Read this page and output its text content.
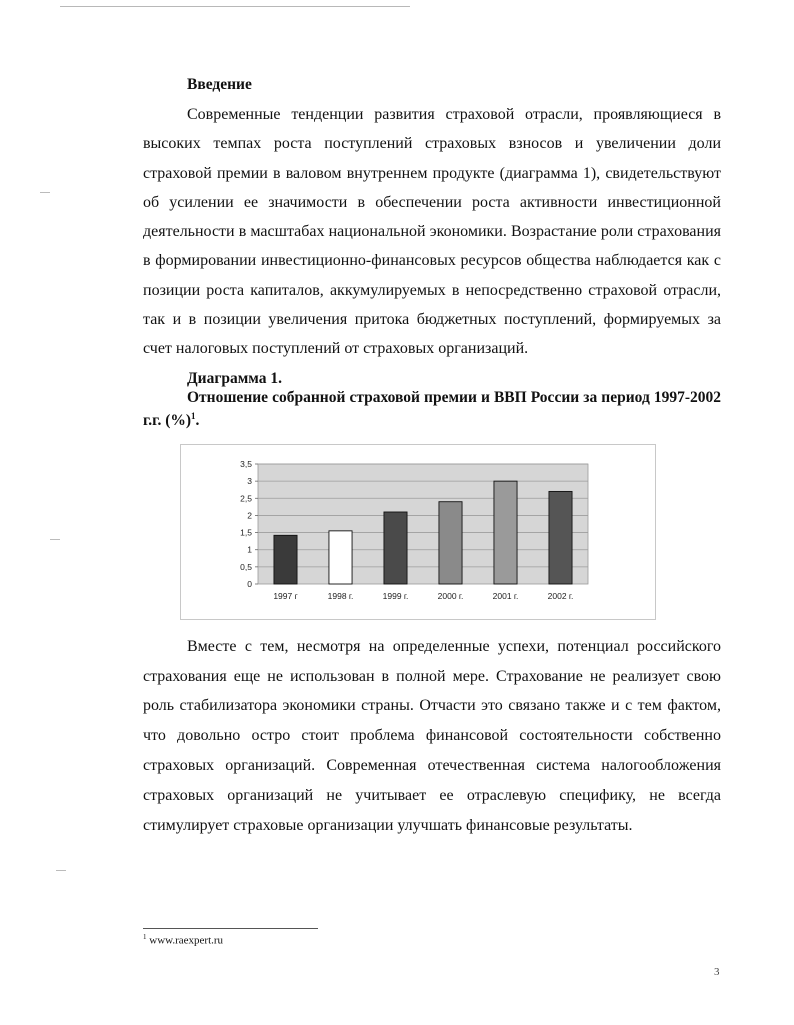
Введение

Современные тенденции развития страховой отрасли, проявляющиеся в высоких темпах роста поступлений страховых взносов и увеличении доли страховой премии в валовом внутреннем продукте (диаграмма 1), свидетельствуют об усилении ее значимости в обеспечении роста активности инвестиционной деятельности в масштабах национальной экономики. Возрастание роли страхования в формировании инвестиционно-финансовых ресурсов общества наблюдается как с позиции роста капиталов, аккумулируемых в непосредственно страховой отрасли, так и в позиции увеличения притока бюджетных поступлений, формируемых за счет налоговых поступлений от страховых организаций.

Диаграмма 1.
Отношение собранной страховой премии и ВВП России за период 1997-2002 г.г. (%)$^1$.
0
0,5
1
1,5
2
2,5
3
3,5
1997 г	1998 г.	1999 г.	2000 г.	2001 г.	2002 г.

Вместе с тем, несмотря на определенные успехи, потенциал российского страхования еще не использован в полной мере. Страхование не реализует свою роль стабилизатора экономики страны. Отчасти это связано также и с тем фактом, что довольно остро стоит проблема финансовой состоятельности собственно страховых организаций. Современная отечественная система налогообложения страховых организаций не учитывает ее отраслевую специфику, не всегда стимулирует страховые организации улучшать финансовые результаты.

$^1$ www.raexpert.ru
3
